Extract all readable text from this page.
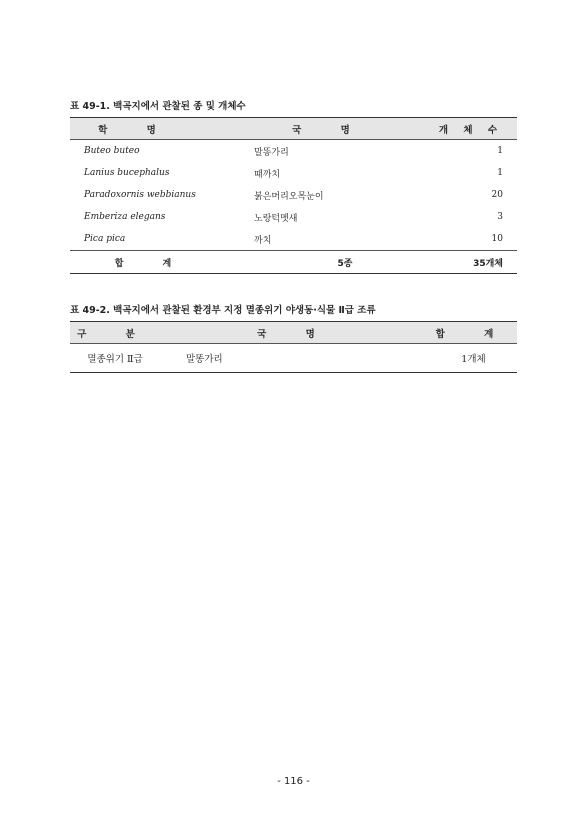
표 49-1. 백곡지에서 관찰된 종 및 개체수
학 명	국 명	개 체 수
Buteo buteo	말똥가리	1
Lanius bucephalus	때까치	1
Paradoxornis webbianus	붉은머리오목눈이	20
Emberiza elegans	노랑턱멧새	3
Pica pica	까치	10
합 계	5종	35개체
표 49-2. 백곡지에서 관찰된 환경부 지정 멸종위기 야생동·식물 Ⅱ급 조류
구 분	국 명	합 계
멸종위기 Ⅱ급	말똥가리	1개체
- 116 -
